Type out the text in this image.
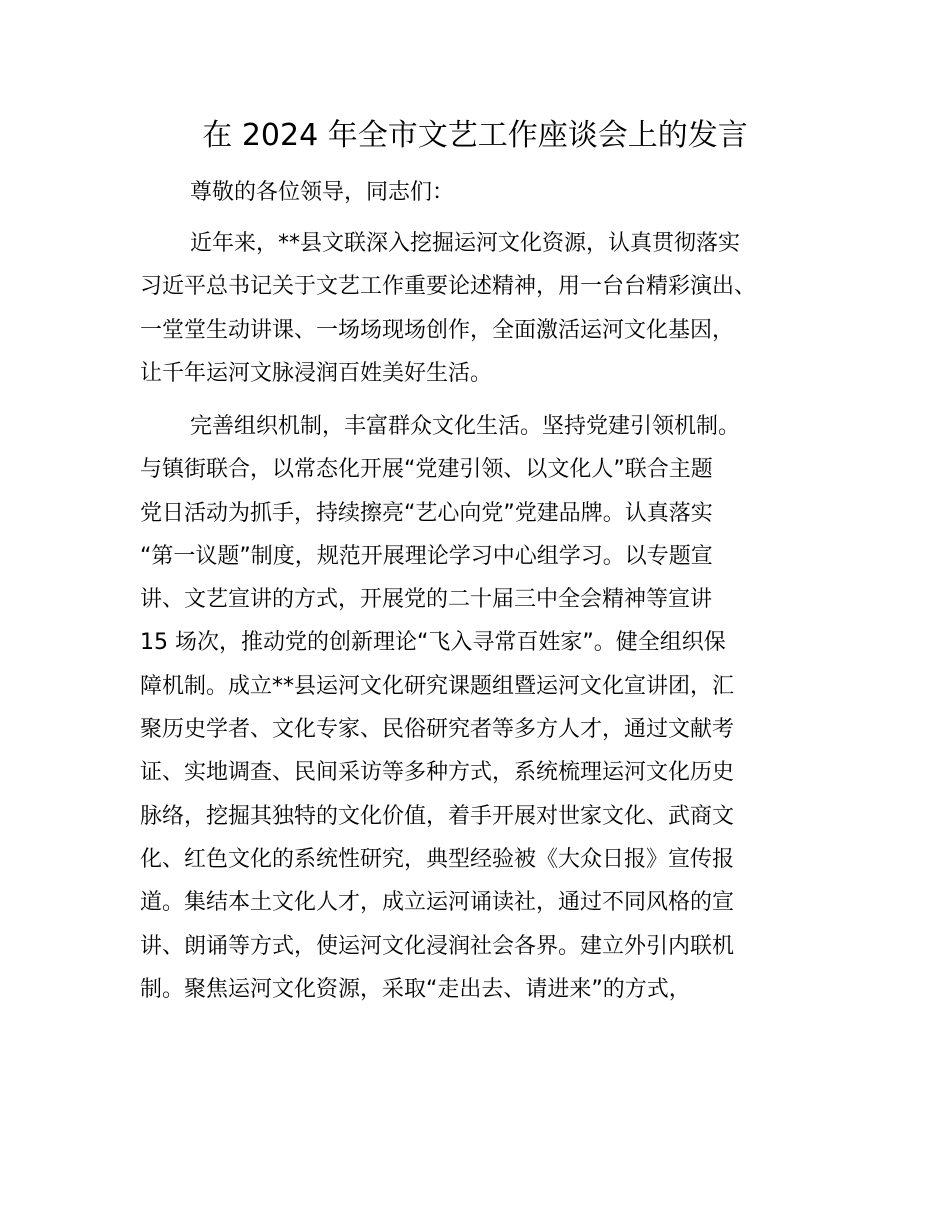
在 2024 年全市文艺工作座谈会上的发言
尊敬的各位领导，同志们：

近年来，**县文联深入挖掘运河文化资源，认真贯彻落实
习近平总书记关于文艺工作重要论述精神，用一台台精彩演出、
一堂堂生动讲课、一场场现场创作，全面激活运河文化基因，
让千年运河文脉浸润百姓美好生活。

完善组织机制，丰富群众文化生活。坚持党建引领机制。
与镇街联合，以常态化开展“党建引领、以文化人”联合主题
党日活动为抓手，持续擦亮“艺心向党”党建品牌。认真落实
“第一议题”制度，规范开展理论学习中心组学习。以专题宣
讲、文艺宣讲的方式，开展党的二十届三中全会精神等宣讲
15 场次，推动党的创新理论“飞入寻常百姓家”。健全组织保
障机制。成立**县运河文化研究课题组暨运河文化宣讲团，汇
聚历史学者、文化专家、民俗研究者等多方人才，通过文献考
证、实地调查、民间采访等多种方式，系统梳理运河文化历史
脉络，挖掘其独特的文化价值，着手开展对世家文化、武商文
化、红色文化的系统性研究，典型经验被《大众日报》宣传报
道。集结本土文化人才，成立运河诵读社，通过不同风格的宣
讲、朗诵等方式，使运河文化浸润社会各界。建立外引内联机
制。聚焦运河文化资源，采取“走出去、请进来”的方式，
